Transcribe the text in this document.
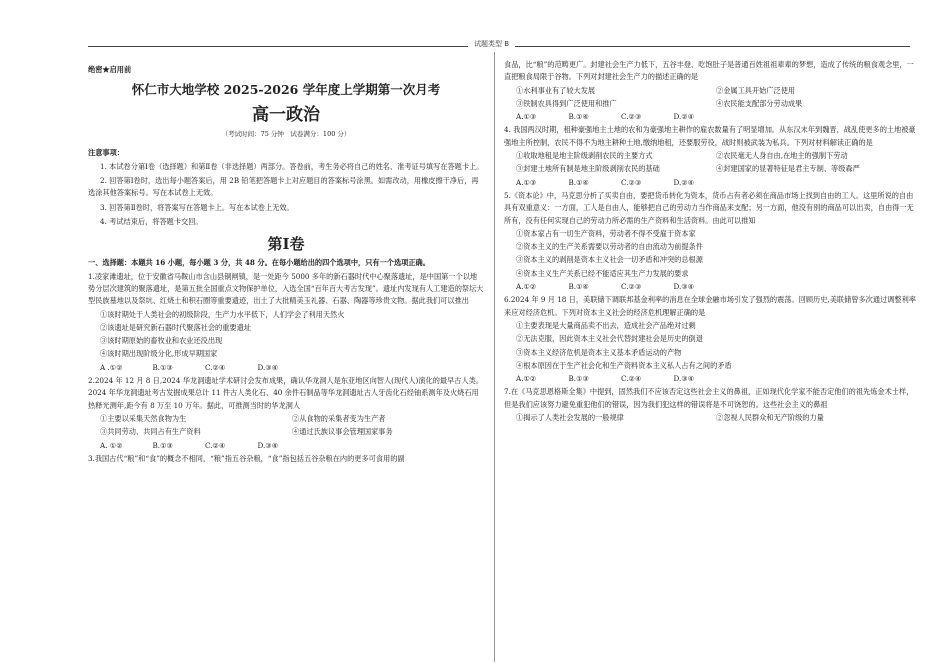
试题类型 B

绝密★启用前

怀仁市大地学校 2025-2026 学年度上学期第一次月考

高一政治

（考试时间：75 分钟　试卷满分：100 分）

注意事项：

1. 本试卷分第Ⅰ卷（选择题）和第Ⅱ卷（非选择题）两部分。答卷前，考生务必将自己的姓名、准考证号填写在答题卡上。

2. 回答第Ⅰ卷时，选出每小题答案后，用 2B 铅笔把答题卡上对应题目的答案标号涂黑。如需改动，用橡皮擦干净后，再选涂其他答案标号。写在本试卷上无效。

3. 回答第Ⅱ卷时，将答案写在答题卡上。写在本试卷上无效。

4. 考试结束后，将答题卡交回。

第Ⅰ卷

一、选择题：本题共 16 小题，每小题 3 分，共 48 分。在每小题给出的四个选项中，只有一个选项正确。

1.凌家滩遗址，位于安徽省马鞍山市含山县铜闸镇，是一处距今 5000 多年的新石器时代中心聚落遗址，是中国第一个以地势分层次建筑的聚落遗址，是第五批全国重点文物保护单位，入选全国“百年百大考古发现”。遗址内发现有人工建造的祭坛大型民族墓地以及祭坑、红烧土和积石圈等重要遗迹，出土了大批精美玉礼器、石器、陶器等珍贵文物。据此我们可以推出

①该时期处于人类社会的初级阶段，生产力水平低下，人们学会了利用天然火

②该遗址是研究新石器时代聚落社会的重要遗址

③该时期原始的畜牧业和农业还没出现

④该时期出现阶级分化,形成早期国家

A .①②	B.①③	C.②④	D.③④

2.2024 年 12 月 8 日,2024 华龙洞遗址学术研讨会发布成果，确认华龙洞人是东亚地区向智人(现代人)演化的最早古人类。2024 年华龙洞遗址考古发掘成果总计 11 件古人类化石、40 余件石制品等华龙洞遗址古人牙齿化石经铀系测年及火烧石用热释光测年,距今有 8 万至 10 万年。据此，可推测当时的华龙洞人

①主要以采集天然食物为生	②从食物的采集者变为生产者
③共同劳动、共同占有生产资料	④通过氏族议事会管理国家事务
A. ①②	B.①③	C.②④	D.③④

3.我国古代“粮”和“食”的概念不相同，“粮”指五谷杂粮，“食”指包括五谷杂粮在内的更多可食用的副

食品，比“粮”的范畴更广。封建社会生产力低下，五谷丰登、吃饱肚子是普通百姓祖祖辈辈的梦想，造成了传统的粮食观念里，一直把粮食局限于谷物。下列对封建社会生产力的描述正确的是

①水利事业有了较大发展	②金属工具开始广泛使用
③铁制农具得到广泛使用和推广	④农民能支配部分劳动成果
A.①③	B.①④	C.②③	D.②④

4. 我国两汉时期，租种豪强地主土地的农和为豪强地主耕作的雇农数量有了明显增加。从东汉末年到魏晋，战乱使更多的土地被豪强地主所控制，农民不得不为地主耕种土地,缴纳地租，还要服劳役，战时则被武装为私兵。下列对材料解读正确的是

①收取地租是地主阶级剥削农民的主要方式	②农民毫无人身自由,在地主的强制下劳动
③封建土地所有制是地主阶级剥削农民的基础	④封建国家的显著特征是君主专制、等级森严
A.①③	B.①④	C.②③	D.②④

5.《资本论》中，马克思分析了买卖自由，要把货币转化为资本，货币占有者必须在商品市场上找到自由的工人。这里所说的自由具有双重意义：一方面，工人是自由人，能够把自己的劳动力当作商品来支配；另一方面，他没有别的商品可以出卖，自由得一无所有，没有任何实现自己的劳动力所必需的生产资料和生活资料。由此可以推知

①资本家占有一切生产资料，劳动者不得不受雇于资本家

②资本主义的生产关系需要以劳动者的自由流动为前提条件

③资本主义的剥削是资本主义社会一切矛盾和冲突的总根源

④资本主义生产关系已经不能适应其生产力发展的要求

A.①②	B.①④	C.②③	D.③④

6.2024 年 9 月 18 日，美联储下调联邦基金利率的消息在全球金融市场引发了强烈的震荡。回顾历史,美联储曾多次通过调整利率来应对经济危机。下列对资本主义社会的经济危机理解正确的是

①主要表现是大量商品卖不出去，造成社会产品绝对过剩

②无法克服，因此资本主义社会代替封建社会是历史的倒退

③资本主义经济危机是资本主义基本矛盾运动的产物

④根本原因在于生产社会化和生产资料资本主义私人占有之间的矛盾

A.①②	B.①③	C.②④	D.③④

7.在《马克思恩格斯全集》中提到，固然我们不应该否定这些社会主义的鼻祖，正如现代化学家不能否定他们的祖先炼金术士样，但是我们应该努力避免重犯他们的错误，因为我们犯这样的错误将是不可饶恕的。这些社会主义的鼻祖

①揭示了人类社会发展的一般规律	②忽视人民群众和无产阶级的力量
